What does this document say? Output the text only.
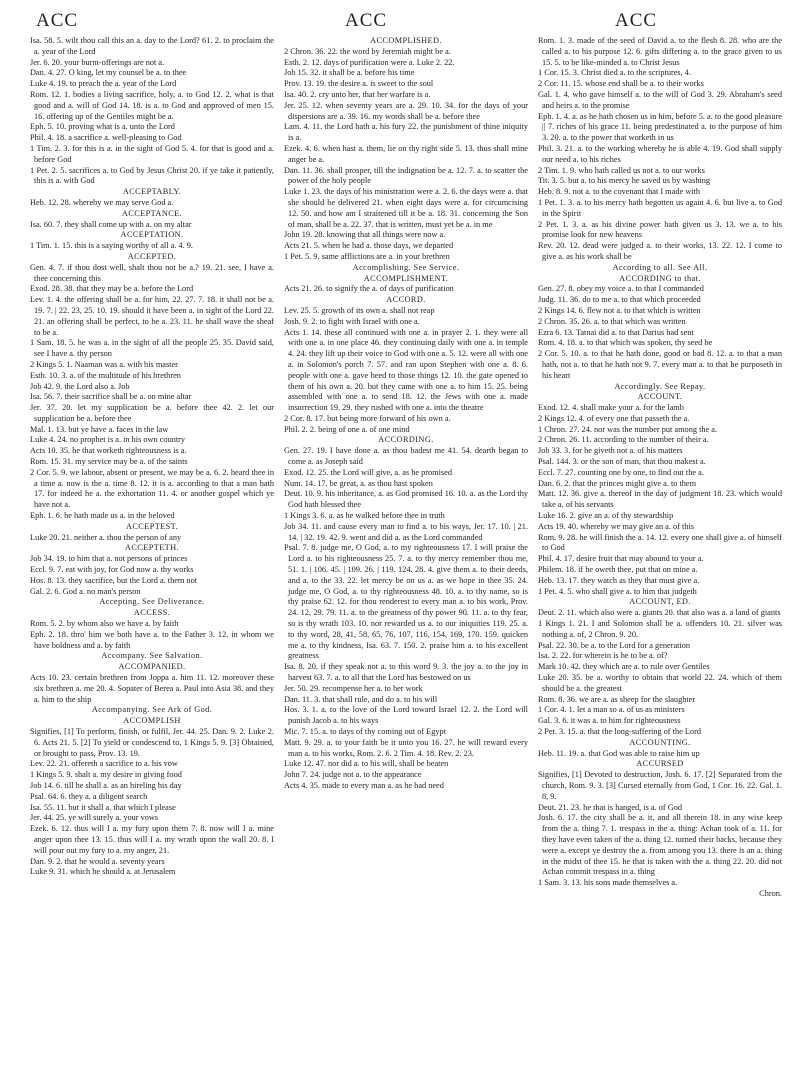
ACC	ACC	ACC

Isa. 58. 5. wilt thou call this an a. day to the Lord? 61. 2. to proclaim the a. year of the Lord

Jer. 6. 20. your burnt-offerings are not a.

Dan. 4. 27. O king, let my counsel be a. to thee

Luke 4. 19. to preach the a. year of the Lord

Rom. 12. 1. bodies a living sacrifice, holy, a. to God 12. 2. what is that good and a. will of God 14. 18. is a. to God and approved of men 15. 16. offering up of the Gentiles might be a.

Eph. 5. 10. proving what is a. unto the Lord

Phil. 4. 18. a sacrifice a. well-pleasing to God

1 Tim. 2. 3. for this is a. in the sight of God 5. 4. for that is good and a. before God

1 Pet. 2. 5. sacrifices a. to God by Jesus Christ 20. if ye take it patiently, this is a. with God

ACCEPTABLY.

Heb. 12. 28. whereby we may serve God a.

ACCEPTANCE.

Isa. 60. 7. they shall come up with a. on my altar

ACCEPTATION.

1 Tim. 1. 15. this is a saying worthy of all a. 4. 9.

ACCEPTED.

Gen. 4. 7. if thou dost well, shalt thou not be a.? 19. 21. see, I have a. thee concerning this

Exod. 28. 38. that they may be a. before the Lord

Lev. 1. 4. the offering shall be a. for him, 22. 27. 7. 18. it shall not be a. 19. 7. | 22. 23, 25. 10. 19. should it have been a. in sight of the Lord 22. 21. an offering shall be perfect, to be a. 23. 11. he shall wave the sheaf to be a.

1 Sam. 18. 5. he was a. in the sight of all the people 25. 35. David said, see I have a. thy person

2 Kings 5. 1. Naaman was a. with his master

Esth. 10. 3. a. of the multitude of his brethren

Job 42. 9. the Lord also a. Job

Isa. 56. 7. their sacrifice shall be a. on mine altar

Jer. 37. 20. let my supplication be a. before thee 42. 2. let our supplication be a. before thee

Mal. 1. 13. but ye have a. faces in the law

Luke 4. 24. no prophet is a. in his own country

Acts 10. 35. he that worketh righteousness is a.

Rom. 15. 31. my service may be a. of the saints

2 Cor. 5. 9. we labour, absent or present, we may be a. 6. 2. heard thee in a time a. now is the a. time 8. 12. it is a. according to that a man hath 17. for indeed he a. the exhortation 11. 4. or another gospel which ye have not a.

Eph. 1. 6. he hath made us a. in the beloved

ACCEPTEST.

Luke 20. 21. neither a. thou the person of any

ACCEPTETH.

Job 34. 19. to him that a. not persons of princes

Eccl. 9. 7. eat with joy, for God now a. thy works

Hos. 8. 13. they sacrifice, but the Lord a. them not

Gal. 2. 6. God a. no man's person

Accepting. See Deliverance.

ACCESS.

Rom. 5. 2. by whom also we have a. by faith

Eph. 2. 18. thro' him we both have a. to the Father 3. 12. in whom we have boldness and a. by faith

Accompany. See Salvation.

ACCOMPANIED.

Acts 10. 23. certain brethren from Joppa a. him 11. 12. moreover these six brethren a. me 20. 4. Sopater of Berea a. Paul into Asia 38. and they a. him to the ship

Accompanying. See Ark of God.

ACCOMPLISH

Signifies, [1] To perform, finish, or fulfil, Jer. 44. 25. Dan. 9. 2. Luke 2. 6. Acts 21. 5. [2] To yield or condescend to, 1 Kings 5. 9. [3] Obtained, or brought to pass, Prov. 13. 19.

Lev. 22. 21. offereth a sacrifice to a. his vow

1 Kings 5. 9. shalt a. my desire in giving food

Job 14. 6. till he shall a. as an hireling his day

Psal. 64. 6. they a. a diligent search

Isa. 55. 11. but it shall a. that which I please

Jer. 44. 25. ye will surely a. your vows

Ezek. 6. 12. thus will I a. my fury upon them 7. 8. now will I a. mine anger upon thee 13. 15. thus will I a. my wrath upon the wall 20. 8. I will pour out my fury to a. my anger, 21.

Dan. 9. 2. that he would a. seventy years

Luke 9. 31. which he should a. at Jerusalem

ACCOMPLISHED.

2 Chron. 36. 22. the word by Jeremiah might be a.

Esth. 2. 12. days of purification were a. Luke 2. 22.

Job 15. 32. it shall be a. before his time

Prov. 13. 19. the desire a. is sweet to the soul

Isa. 40. 2. cry unto her, that her warfare is a.

Jer. 25. 12. when seventy years are a. 29. 10. 34. for the days of your dispersions are a. 39. 16. my words shall be a. before thee

Lam. 4. 11. the Lord hath a. his fury 22. the punishment of thine iniquity is a.

Ezek. 4. 6. when hast a. them, lie on thy right side 5. 13. thus shall mine anger be a.

Dan. 11. 36. shall prosper, till the indignation be a. 12. 7. a. to scatter the power of the holy people

Luke 1. 23. the days of his ministration were a. 2. 6. the days were a. that she should be delivered 21. when eight days were a. for circumcising 12. 50. and how am I straitened till it be a. 18. 31. concerning the Son of man, shall be a. 22. 37. that is written, must yet be a. in me

John 19. 28. knowing that all things were now a.

Acts 21. 5. when he had a. those days, we departed

1 Pet. 5. 9. same afflictions are a. in your brethren

Accomplishing. See Service.

ACCOMPLISHMENT.

Acts 21. 26. to signify the a. of days of purification

ACCORD.

Lev. 25. 5. growth of its own a. shall not reap

Josh. 9. 2. to fight with Israel with one a.

Acts 1. 14. these all continued with one a. in prayer 2. 1. they were all with one a. in one place 46. they continuing daily with one a. in temple 4. 24. they lift up their voice to God with one a. 5. 12. were all with one a. in Solomon's porch 7. 57. and ran upon Stephen with one a. 8. 6. people with one a. gave heed to those things 12. 10. the gate opened to them of his own a. 20. but they came with one a. to him 15. 25. being assembled with one a. to send 18. 12. the Jews with one a. made insurrection 19. 29. they rushed with one a. into the theatre

2 Cor. 8. 17. but being more forward of his own a.

Phil. 2. 2. being of one a. of one mind

ACCORDING.

Gen. 27. 19. I have done a. as thou badest me 41. 54. dearth began to come a. as Joseph said

Exod. 12. 25. the Lord will give, a. as he promised

Num. 14. 17. be great, a. as thou hast spoken

Deut. 10. 9. his inheritance, a. as God promised 16. 10. a. as the Lord thy God hath blessed thee

1 Kings 3. 6. a. as he walked before thee in truth

Job 34. 11. and cause every man to find a. to his ways, Jer. 17. 10. | 21. 14. | 32. 19. 42. 9. went and did a. as the Lord commanded

Psal. 7. 8. judge me, O God, a. to my righteousness 17. I will praise the Lord a. to his righteousness 25. 7. a. to thy mercy remember thou me, 51. 1. | 106. 45. | 109. 26. | 119. 124. 28. 4. give them a. to their deeds, and a. to the 33. 22. let mercy be on us a. as we hope in thee 35. 24. judge me, O God, a. to thy righteousness 48. 10. a. to thy name, so is thy praise 62. 12. for thou renderest to every man a. to his work, Prov. 24. 12, 29. 79. 11. a. to the greatness of thy power 90. 11. a. to thy fear, so is thy wrath 103. 10. nor rewarded us a. to our iniquities 119. 25. a. to thy word, 28, 41, 58, 65, 76, 107, 116, 154, 169, 170. 159. quicken me a. to thy kindness, Isa. 63. 7. 150. 2. praise him a. to his excellent greatness

Isa. 8. 20. if they speak not a. to this word 9. 3. the joy a. to the joy in harvest 63. 7. a. to all that the Lord has bestowed on us

Jer. 50. 29. recompense her a. to her work

Dan. 11. 3. that shall rule, and do a. to his will

Hos. 3. 1. a. to the love of the Lord toward Israel 12. 2. the Lord will punish Jacob a. to his ways

Mic. 7. 15. a. to days of thy coming out of Egypt

Matt. 9. 29. a. to your faith be it unto you 16. 27. he will reward every man a. to his works, Rom. 2. 6. 2 Tim. 4. 18. Rev. 2. 23.

Luke 12. 47. nor did a. to his will, shall be beaten

John 7. 24. judge not a. to the appearance

Acts 4. 35. made to every man a. as he had need

Rom. 1. 3. made of the seed of David a. to the flesh 8. 28. who are the called a. to his purpose 12. 6. gifts differing a. to the grace given to us 15. 5. to be like-minded a. to Christ Jesus

1 Cor. 15. 3. Christ died a. to the scriptures, 4.

2 Cor. 11. 15. whose end shall be a. to their works

Gal. 1. 4. who gave himself a. to the will of God 3. 29. Abraham's seed and heirs a. to the promise

Eph. 1. 4. a. as he hath chosen us in him, before 5. a. to the good pleasure || 7. riches of his grace 11. being predestinated a. to the purpose of him 3. 20. a. to the power that worketh in us

Phil. 3. 21. a. to the working whereby he is able 4. 19. God shall supply our need a. to his riches

2 Tim. 1. 9. who hath called us not a. to our works

Tit. 3. 5. but a. to his mercy he saved us by washing

Heb. 8. 9. not a. to the covenant that I made with

1 Pet. 1. 3. a. to his mercy hath begotten us again 4. 6. but live a. to God in the Spirit

2 Pet. 1. 3. a. as his divine power hath given us 3. 13. we a. to his promise look for new heavens

Rev. 20. 12. dead were judged a. to their works, 13. 22. 12. I come to give a. as his work shall be

According to all. See All.

ACCORDING to that.

Gen. 27. 8. obey my voice a. to that I commanded

Judg. 11. 36. do to me a. to that which proceeded

2 Kings 14. 6. flew not a. to that which is written

2 Chron. 35. 26. a. to that which was written

Ezra 6. 13. Tatnai did a. to that Darius had sent

Rom. 4. 18. a. to that which was spoken, thy seed be

2 Cor. 5. 10. a. to that he hath done, good or bad 8. 12. a. to that a man hath, not a. to that he hath not 9. 7. every man a. to that he purposeth in his heart

Accordingly. See Repay.

ACCOUNT.

Exod. 12. 4. shall make your a. for the lamb

2 Kings 12. 4. of every one that passeth the a.

1 Chron. 27. 24. nor was the number put among the a.

2 Chron. 26. 11. according to the number of their a.

Job 33. 3. for he giveth not a. of his matters

Psal. 144. 3. or the son of man, that thou makest a.

Eccl. 7. 27. counting one by one, to find out the a.

Dan. 6. 2. that the princes might give a. to them

Matt. 12. 36. give a. thereof in the day of judgment 18. 23. which would take a. of his servants

Luke 16. 2. give an a. of thy stewardship

Acts 19. 40. whereby we may give an a. of this

Rom. 9. 28. he will finish the a. 14. 12. every one shall give a. of himself to God

Phil. 4. 17. desire fruit that may abound to your a.

Philem. 18. if he oweth thee, put that on mine a.

Heb. 13. 17. they watch as they that must give a.

1 Pet. 4. 5. who shall give a. to him that judgeth

ACCOUNT, ED.

Deut. 2. 11. which also were a. giants 20. that also was a. a land of giants

1 Kings 1. 21. I and Solomon shall be a. offenders 10. 21. silver was nothing a. of, 2 Chron. 9. 20.

Psal. 22. 30. be a. to the Lord for a generation

Isa. 2. 22. for wherein is he to be a. of?

Mark 10. 42. they which are a. to rule over Gentiles

Luke 20. 35. be a. worthy to obtain that world 22. 24. which of them should be a. the greatest

Rom. 8. 36. we are a. as sheep for the slaughter

1 Cor. 4. 1. let a man so a. of us as ministers

Gal. 3. 6. it was a. to him for righteousness

2 Pet. 3. 15. a. that the long-suffering of the Lord

ACCOUNTING.

Heb. 11. 19. a. that God was able to raise him up

ACCURSED

Signifies, [1] Devoted to destruction, Josh. 6. 17. [2] Separated from the church, Rom. 9. 3. [3] Cursed eternally from God, 1 Cor. 16. 22. Gal. 1. 8, 9.

Deut. 21. 23. he that is hanged, is a. of God

Josh. 6. 17. the city shall be a. it, and all therein 18. in any wise keep from the a. thing 7. 1. trespass in the a. thing: Achan took of a. 11. for they have even taken of the a. thing 12. turned their backs, because they were a. except ye destroy the a. from among you 13. there is an a. thing in the midst of thee 15. he that is taken with the a. thing 22. 20. did not Achan commit trespass in a. thing

1 Sam. 3. 13. his sons made themselves a.

Chron.
